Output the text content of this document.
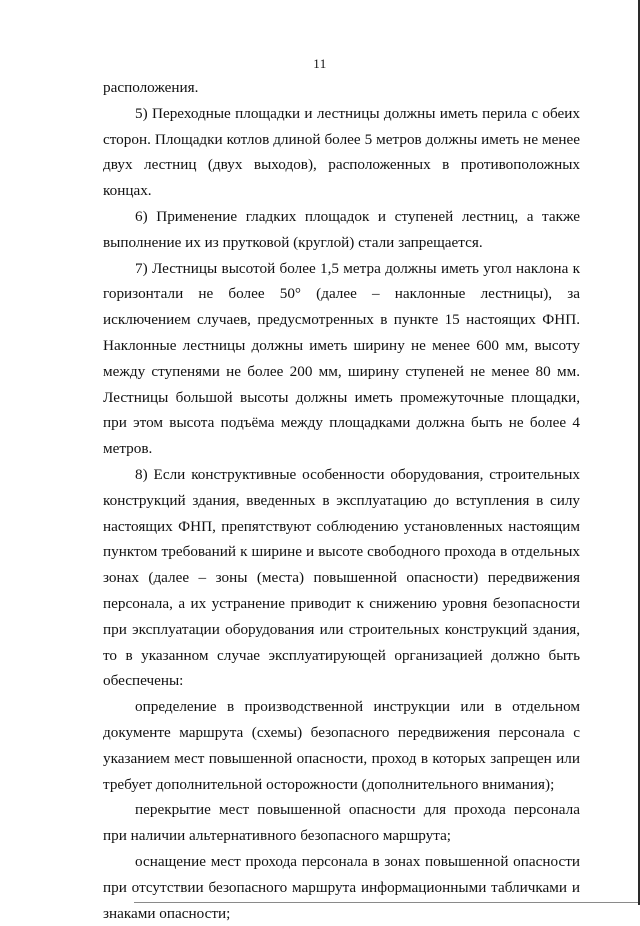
11

расположения.

5) Переходные площадки и лестницы должны иметь перила с обеих сторон. Площадки котлов длиной более 5 метров должны иметь не менее двух лестниц (двух выходов), расположенных в противоположных концах.

6) Применение гладких площадок и ступеней лестниц, а также выполнение их из прутковой (круглой) стали запрещается.

7) Лестницы высотой более 1,5 метра должны иметь угол наклона к горизонтали не более 50° (далее – наклонные лестницы), за исключением случаев, предусмотренных в пункте 15 настоящих ФНП. Наклонные лестницы должны иметь ширину не менее 600 мм, высоту между ступенями не более 200 мм, ширину ступеней не менее 80 мм. Лестницы большой высоты должны иметь промежуточные площадки, при этом высота подъёма между площадками должна быть не более 4 метров.

8) Если конструктивные особенности оборудования, строительных конструкций здания, введенных в эксплуатацию до вступления в силу настоящих ФНП, препятствуют соблюдению установленных настоящим пунктом требований к ширине и высоте свободного прохода в отдельных зонах (далее – зоны (места) повышенной опасности) передвижения персонала, а их устранение приводит к снижению уровня безопасности при эксплуатации оборудования или строительных конструкций здания, то в указанном случае эксплуатирующей организацией должно быть обеспечены:

определение в производственной инструкции или в отдельном документе маршрута (схемы) безопасного передвижения персонала с указанием мест повышенной опасности, проход в которых запрещен или требует дополнительной осторожности (дополнительного внимания);

перекрытие мест повышенной опасности для прохода персонала при наличии альтернативного безопасного маршрута;

оснащение мест прохода персонала в зонах повышенной опасности при отсутствии безопасного маршрута информационными табличками и знаками опасности;
